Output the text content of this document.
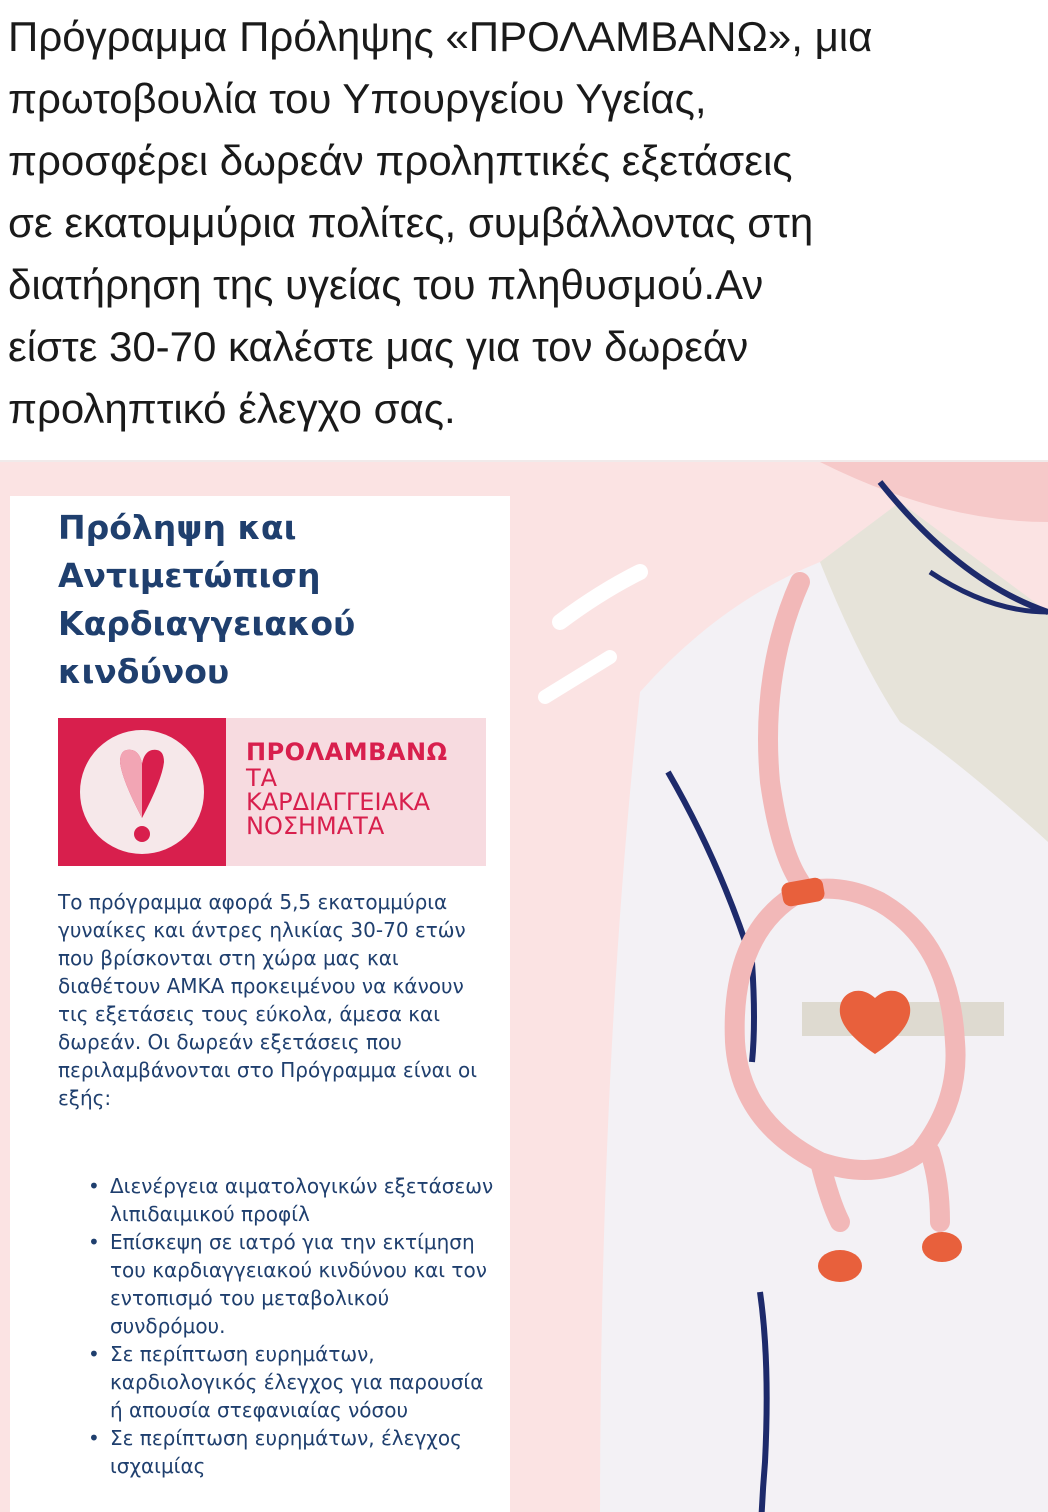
Πρόγραμμα Πρόληψης «ΠΡΟΛΑΜΒΑΝΩ», μια
πρωτοβουλία του Υπουργείου Υγείας,
προσφέρει δωρεάν προληπτικές εξετάσεις
σε εκατομμύρια πολίτες, συμβάλλοντας στη
διατήρηση της υγείας του πληθυσμού.Αν
είστε 30-70 καλέστε μας για τον δωρεάν
προληπτικό έλεγχο σας.
Πρόληψη και
Αντιμετώπιση
Καρδιαγγειακού
κινδύνου
ΠΡΟΛΑΜΒΑΝΩ
ΤΑ
ΚΑΡΔΙΑΓΓΕΙΑΚΑ
ΝΟΣΗΜΑΤΑ
Το πρόγραμμα αφορά 5,5 εκατομμύρια γυναίκες και άντρες ηλικίας 30-70 ετών που βρίσκονται στη χώρα μας και διαθέτουν ΑΜΚΑ προκειμένου να κάνουν τις εξετάσεις τους εύκολα, άμεσα και δωρεάν. Οι δωρεάν εξετάσεις που περιλαμβάνονται στο Πρόγραμμα είναι οι εξής:
• Διενέργεια αιματολογικών εξετάσεων λιπιδαιμικού προφίλ
• Επίσκεψη σε ιατρό για την εκτίμηση του καρδιαγγειακού κινδύνου και τον εντοπισμό του μεταβολικού συνδρόμου.
• Σε περίπτωση ευρημάτων, καρδιολογικός έλεγχος για παρουσία ή απουσία στεφανιαίας νόσου
• Σε περίπτωση ευρημάτων, έλεγχος ισχαιμίας
